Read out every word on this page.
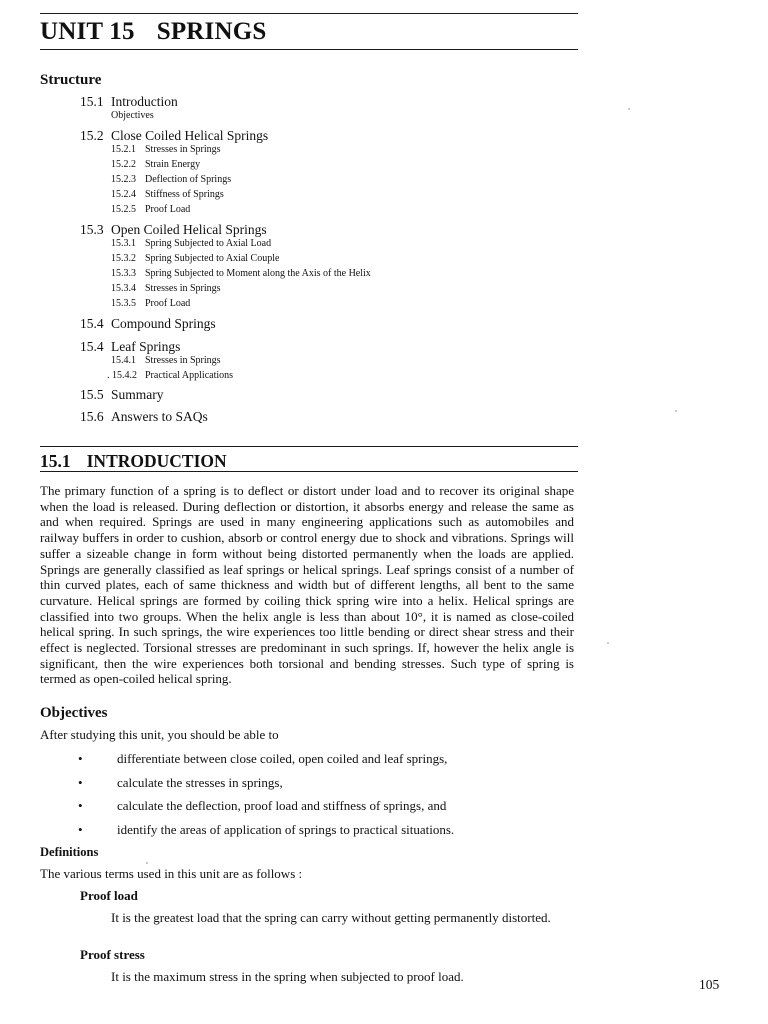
UNIT 15 SPRINGS
Structure
15.1 Introduction
Objectives
15.2 Close Coiled Helical Springs
15.2.1 Stresses in Springs
15.2.2 Strain Energy
15.2.3 Deflection of Springs
15.2.4 Stiffness of Springs
15.2.5 Proof Load
15.3 Open Coiled Helical Springs
15.3.1 Spring Subjected to Axial Load
15.3.2 Spring Subjected to Axial Couple
15.3.3 Spring Subjected to Moment along the Axis of the Helix
15.3.4 Stresses in Springs
15.3.5 Proof Load
15.4 Compound Springs
15.4 Leaf Springs
15.4.1 Stresses in Springs
. 15.4.2 Practical Applications
15.5 Summary
15.6 Answers to SAQs
15.1 INTRODUCTION

The primary function of a spring is to deflect or distort under load and to recover its original shape when the load is released. During deflection or distortion, it absorbs energy and release the same as and when required. Springs are used in many engineering applications such as automobiles and railway buffers in order to cushion, absorb or control energy due to shock and vibrations. Springs will suffer a sizeable change in form without being distorted permanently when the loads are applied. Springs are generally classified as leaf springs or helical springs. Leaf springs consist of a number of thin curved plates, each of same thickness and width but of different lengths, all bent to the same curvature. Helical springs are formed by coiling thick spring wire into a helix. Helical springs are classified into two groups. When the helix angle is less than about 10°, it is named as close-coiled helical spring. In such springs, the wire experiences too little bending or direct shear stress and their effect is neglected. Torsional stresses are predominant in such springs. If, however the helix angle is significant, then the wire experiences both torsional and bending stresses. Such type of spring is termed as open-coiled helical spring.

Objectives
After studying this unit, you should be able to
•	differentiate between close coiled, open coiled and leaf springs,
•	calculate the stresses in springs,
•	calculate the deflection, proof load and stiffness of springs, and
•	identify the areas of application of springs to practical situations.
Definitions
The various terms used in this unit are as follows :
Proof load
It is the greatest load that the spring can carry without getting permanently distorted.
Proof stress
It is the maximum stress in the spring when subjected to proof load.
105
